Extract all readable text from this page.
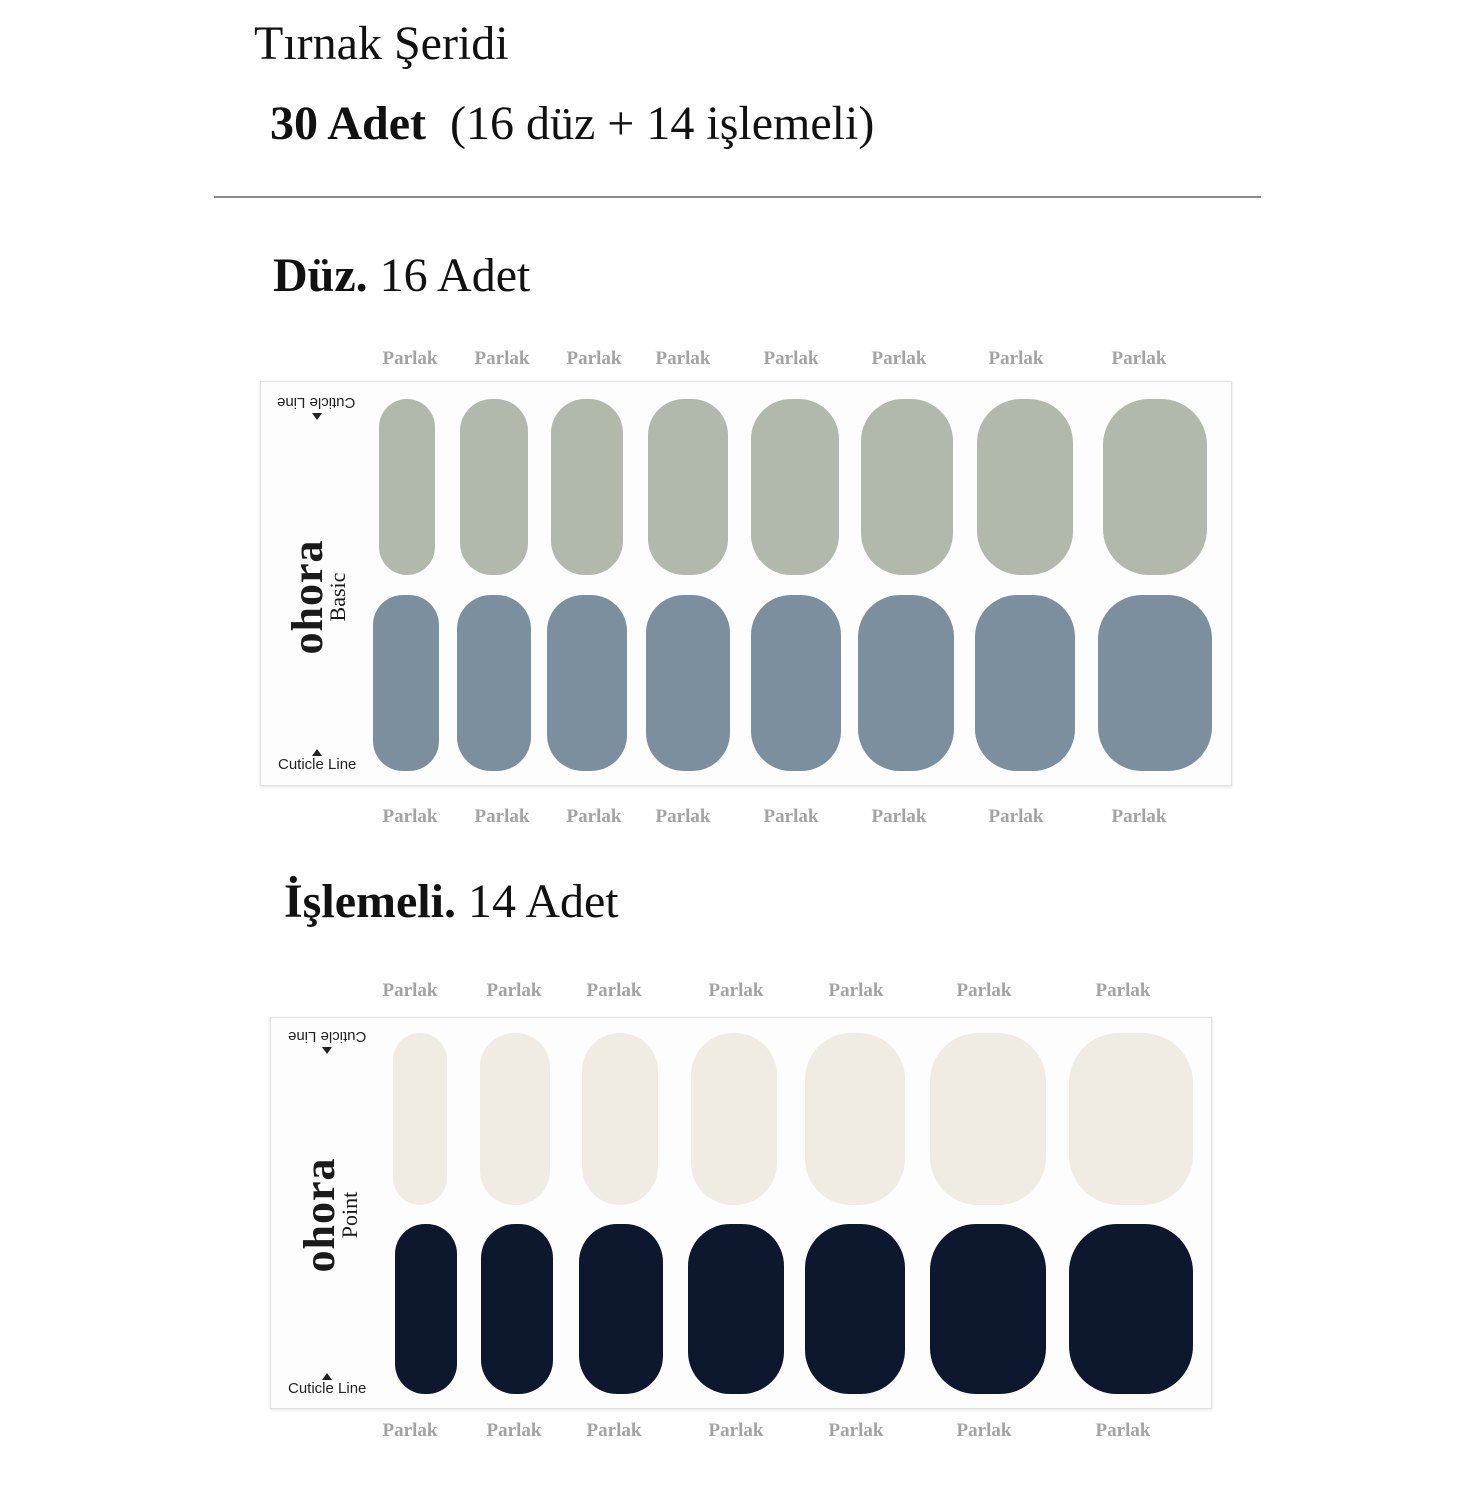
Tırnak Şeridi
30 Adet (16 düz + 14 işlemeli)
Düz. 16 Adet
Cuticle Line
ohora
Basic
Cuticle Line
İşlemeli. 14 Adet
Cuticle Line
ohora
Point
Cuticle Line
Parlak Parlak Parlak Parlak	Parlak	Parlak	Parlak	Parlak
Parlak Parlak Parlak Parlak	Parlak	Parlak	Parlak	Parlak
Parlak	Parlak Parlak	Parlak	Parlak	Parlak	Parlak
Parlak	Parlak Parlak	Parlak	Parlak	Parlak	Parlak
